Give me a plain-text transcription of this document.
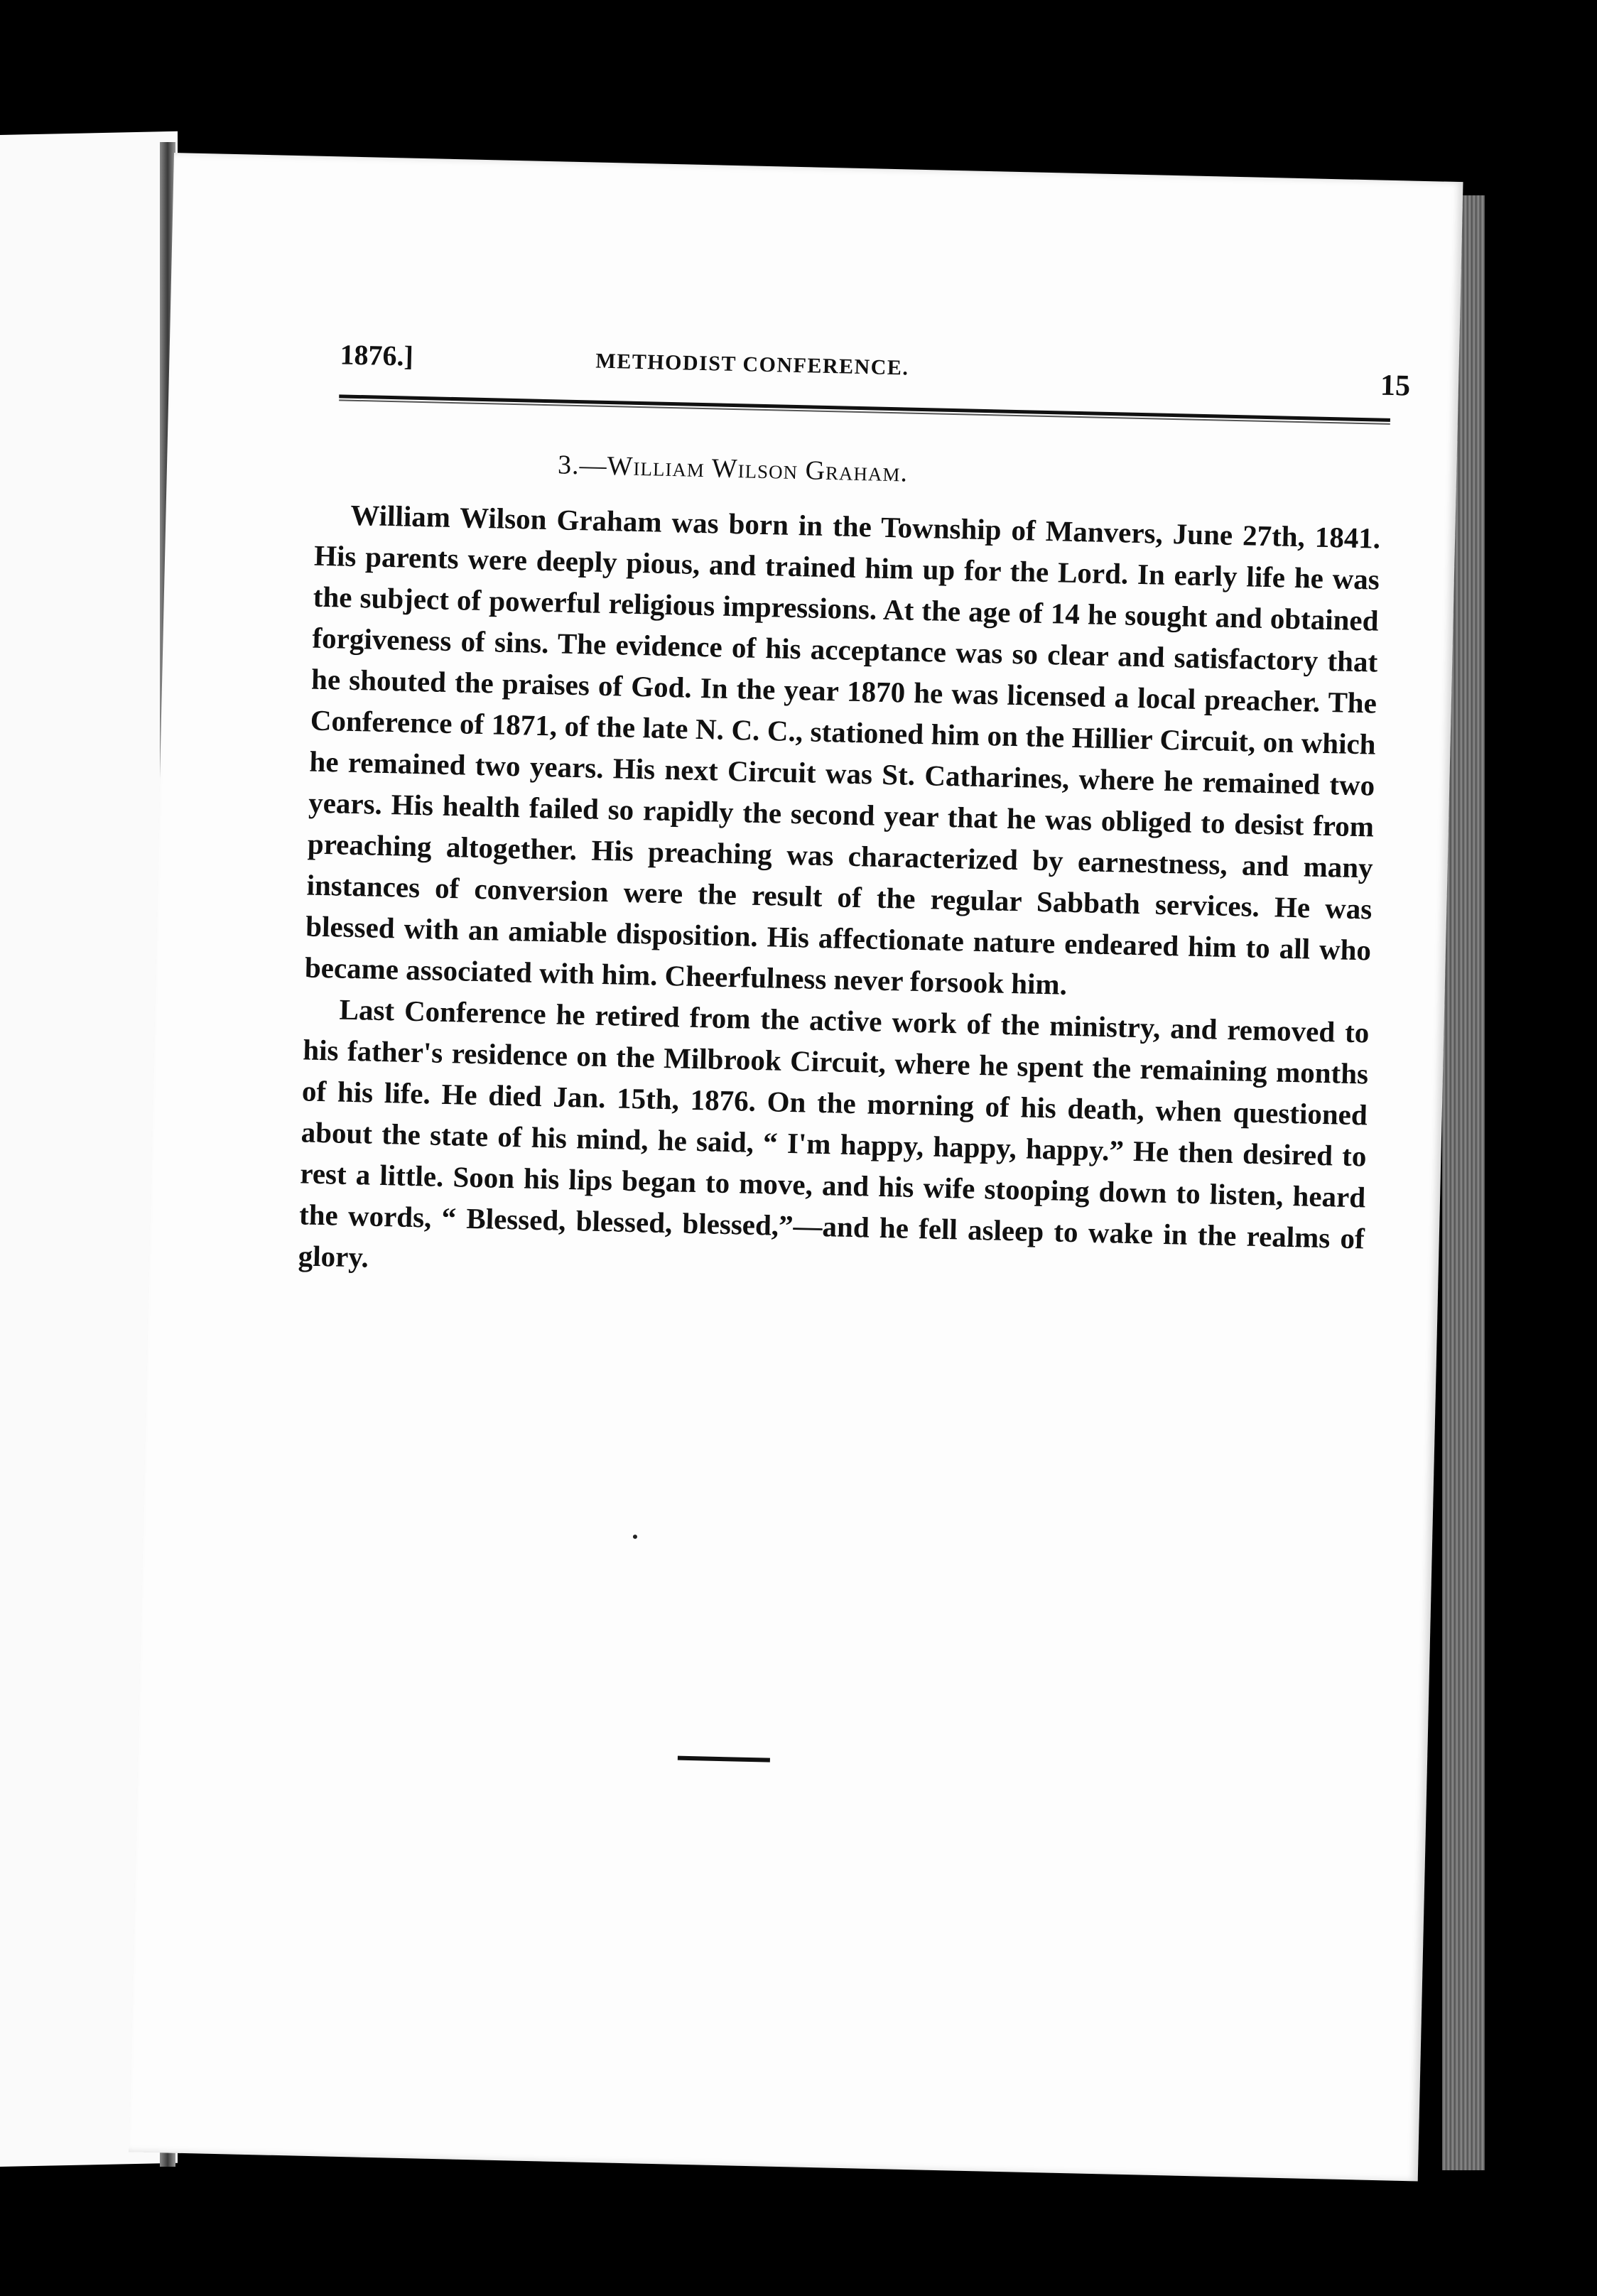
1876.]	METHODIST CONFERENCE.
15
3.—William Wilson Graham.

William Wilson Graham was born in the Township of Manvers, June 27th, 1841. His parents were deeply pious, and trained him up for the Lord. In early life he was the subject of powerful religious impressions. At the age of 14 he sought and obtained forgiveness of sins. The evidence of his acceptance was so clear and satisfactory that he shouted the praises of God. In the year 1870 he was licensed a local preacher. The Conference of 1871, of the late N. C. C., stationed him on the Hillier Circuit, on which he remained two years. His next Circuit was St. Catharines, where he remained two years. His health failed so rapidly the second year that he was obliged to desist from preaching altogether. His preaching was characterized by earnestness, and many instances of conversion were the result of the regular Sabbath services. He was blessed with an amiable disposition. His affectionate nature endeared him to all who became associated with him. Cheerfulness never forsook him.

Last Conference he retired from the active work of the ministry, and removed to his father's residence on the Milbrook Circuit, where he spent the remaining months of his life. He died Jan. 15th, 1876. On the morning of his death, when questioned about the state of his mind, he said, “ I'm happy, happy, happy.” He then desired to rest a little. Soon his lips began to move, and his wife stooping down to listen, heard the words, “ Blessed, blessed, blessed,”—and he fell asleep to wake in the realms of glory.
